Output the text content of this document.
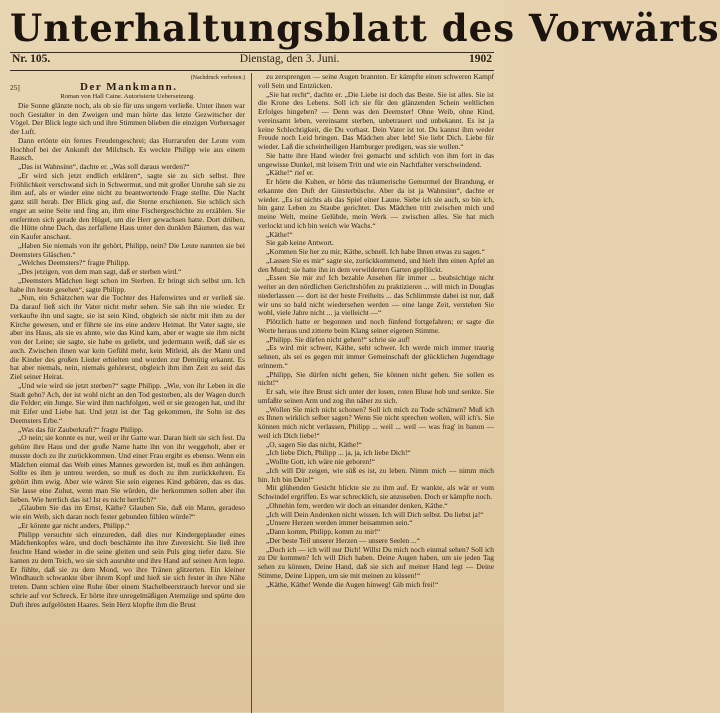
Unterhaltungsblatt des Vorwärts
Nr. 105.	Dienstag, den 3. Juni.	1902
(Nachdruck verboten.)
25]	Der Mankmann.
Roman von Hall Caine. Autorisierte Uebersetzung.

Die Sonne glänzte noch, als ob sie für uns ungern verließe. Unter ihnen war noch Gestalter in den Zweigen und man hörte das letzte Gezwitscher der Vögel. Der Blick legte sich und ihre Stimmen blieben die einzigen Vorhersager der Luft.

Dann ertönte ein fernes Freudengeschrei; das Hurrarufen der Leute vom Hochhof bei der Ankunft der Milchsch. Es weckte Philipp wie aus einem Rausch.

„Das ist Wahnsinn“, dachte er. „Was soll daraus werden?“

„Er wird sich jetzt endlich erklären“, sagte sie zu sich selbst. Ihre Fröhlichkeit verschwand sich in Schwermut, und mit großer Unruhe sah sie zu ihm auf, als er wieder eine nicht zu beantwortende Frage stellte. Die Nacht ganz still herab. Der Blick ging auf, die Sterne erschienen. Sie schlich sich enger an seine Seite und fing an, ihm eine Fischergeschichte zu erzählen. Sie entfernten sich gerade den Hügel, um die Herr gewachsen hatte. Dort drüben, die Hütte ohne Dach, das zerfallene Haus unter den dunklen Bäumen, das war ein Kaufer anschaut.

„Haben Sie niemals von ihr gehört, Philipp, nein? Die Leute nannten sie bei Deemsters Gläschen.“

„Welches Deemsters?“ fragte Philipp.

„Des jetzigen, von dem man sagt, daß er sterben wird.“

„Deemsters Mädchen liegt schon im Sterben. Er bringt sich selbst um. Ich habe ihn heute gesehen“, sagte Philipp.

„Nun, ein Schätzchen war die Tochter des Hafenwirtes und er verließ sie. Da darauf ließ sich ihr Vater nicht mehr sehen. Sie sah ihn nie wieder. Er verkaufte ihn und sagte, sie ist sein Kind, obgleich sie nicht mit ihm zu der Kirche gewesen, und er führte sie ins eine andere Heimat. Ihr Vater sagte, sie aber ins Haus, als sie es ahnte, wie das Kind kam, aber er wagte sie ihm nicht von der Leine; sie sagte, sie habe es geliebt, und jedermann weiß, daß sie es auch. Zwischen ihnen war kein Gefühl mehr, kein Mitleid, als der Mann und die Kinder des großen Lieder erhielten und wurden zur Demütig erkannt. Es hat aber niemals, nein, niemals gehörerst, obgleich ihm ihm Zeit zu seid das Ziel seiner Heirat.

„Und wie wird sie jetzt sterben?“ sagte Philipp. „Wie, von ihr Leben in die Stadt gehn? Ach, der ist wohl nicht an den Tod gestorben, als der Wagen durch die Felder; ein Junge. Sie wird ihm nachfolgen, weil er sie gezogen hat, und ihr mit Eifer und Liebe hat. Und jetzt ist der Tag gekommen, ihr Sohn ist des Deemsters Erbe.“

„Was das für Zauberkraft?“ fragte Philipp.

„O nein; sie konnte es nur, weil er ihr Gatte war. Daran hielt sie sich fest. Da gehöre ihre Haus und der große Name hatte ihn von ihr weggeholt, aber er musste doch zu ihr zurückkommen. Und einer Frau ergibt es ebenso. Wenn ein Mädchen einmal das Weib eines Mannes geworden ist, muß es ihm anhängen. Sollte es ihm je untreu werden, so muß es doch zu ihm zurückkehren. Es gehört ihm ewig. Aber wie wären Sie sein eigenes Kind gebären, das es das. Sie lasse eine Zuhut, wenn man Sie würden, die herkommen sollen aber ihn lieben. Wie herrlich das ist! Ist es nicht herrlich?“

„Glauben Sie das im Ernst, Käthe? Glauben Sie, daß ein Mann, geradeso wie ein Weib, sich daran noch fester gebunden fühlen würde?“

„Er könnte gar nicht anders, Philipp.“

Philipp versuchte sich einzureden, daß dies nur Kindergeplauder eines Mädchenkopfes wäre, und doch beschämte ihn ihre Zuversicht. Sie ließ ihre feuchte Hand wieder in die seine gleiten und sein Puls ging tiefer dazu. Sie kamen zu dem Teich, wo sie sich ausruhte und ihre Hand auf seinen Arm legte. Er fühlte, daß sie zu dem Mond, wo ihre Tränen glitzerten. Ein kleiner Windhauch schwankte über ihrem Kopf und hieß sie sich fester in ihre Nähe treten. Dann schien eine Ruhe über einem Stachelbeerstrauch hervor und sie schrie auf vor Schreck. Er hörte ihre unregelmäßigen Atemzüge und spürte den Duft ihres aufgelösten Haares. Sein Herz klopfte ihm die Brust

zu zersprengen — seine Augen brannten. Er kämpfte einen schweren Kampf voll Sein und Entzücken.

„Sie hat recht“, dachte er. „Die Liebe ist doch das Beste. Sie ist alles. Sie ist die Krone des Lebens. Soll ich sie für den glänzenden Schein weltlichen Erfolges hingeben? — Denn was den Deemster! Ohne Weib, ohne Kind, vereinsamt leben, vereinsamt sterben, unbetrauert und unbekannt. Es ist ja keine Schlechtigkeit, die Du vorhast. Dein Vater ist tot. Du kannst ihm weder Freude noch Leid bringen. Das Mädchen aber lebt! Sie liebt Dich. Liebe für wieder. Laß die scheinheiligen Hamburger predigen, was sie wollen.“

Sie hatte ihre Hand wieder frei gemacht und schlich von ihm fort in das ungewisse Dunkel, mit leisem Tritt und wie ein Nachtfalter verschwindend.

„Käthe!“ rief er.

Er hörte die Kuhen, er hörte das träumerische Gemurmel der Brandung, er erkannte den Duft der Ginsterbüsche. Aber da ist ja Wahnsinn“, dachte er wieder. „Es ist nichts als das Spiel einer Laune. Siebe ich sie auch, so bin ich, bin ganz Leben zu Staube gerichtet. Das Mädchen tritt zwischen mich und meine Welt, meine Gelübde, mein Werk — zwischen alles. Sie hat mich verlockt und ich bin weich wie Wachs.“

„Käthe!“

Sie gab keine Antwort.

„Kommen Sie her zu mir, Käthe, schnell. Ich habe Ihnen etwas zu sagen.“

„Lassen Sie es mir“ sagte sie, zurückkommend, und hielt ihm einen Apfel an den Mund; sie hatte ihn in dem verwilderten Garten gepflückt.

„Essen Sie mir zu! Ich bezahle Ansehen für immer ... beabsichtige nicht weiter an den nördlichen Gerichtshöfen zu praktizieren ... will mich in Douglas niederlassen — dort ist der beste Freiheits ... das Schlimmste dabei ist nur, daß wir uns so bald nicht wiedersehen werden — eine lange Zeit, verstehen Sie wohl, viele Jahre nicht ... ja vielleicht —“

Plötzlich hatte er begonnen und noch fünfend fortgefahren; er sagte die Worte heraus und zitterte beim Klang seiner eigenen Stimme.

„Philipp. Sie dürfen nicht gehen!“ schrie sie auf!

„Es wird mir schwer, Käthe, sehr schwer. Ich werde mich immer traurig sehnen, als sei es gegen mit immer Gemeinschaft der glücklichen Jugendtage erinnern.“

„Philipp, Sie dürfen nicht gehen, Sie können nicht gehen. Sie sollen es nicht!“

Er sah, wie ihre Brust sich unter der losen, roten Bluse hob und senkte. Sie umfaßte seinen Arm und zog ihn näher zu sich.

„Wollen Sie mich nicht schonen? Soll ich mich zu Tode schämen? Muß ich es Ihnen wirklich selber sagen? Wenn Sie nicht sprechen wollen, will ich's. Sie können mich nicht verlassen, Philipp ... weil ... weil — was frag' in banon — weil ich Dich liebe!“

„O, sagen Sie das nicht, Käthe!“

„Ich liebe Dich, Philipp ... ja, ja, ich liebe Dich!“

„Wollte Gott, ich wäre nie geboren!“

„Ich will Dir zeigen, wie süß es ist, zu leben. Nimm mich — nimm mich hin. Ich bin Dein!“

Mit glühenden Gesicht blickte sie zu ihm auf. Er wankte, als wär er vom Schwindel ergriffen. Es war schrecklich, sie anzusehen. Doch er kämpfte noch.

„Ohnehin fern, werden wir doch an einander denken, Käthe.“

„Ich will Dein Andenken nicht wissen. Ich will Dich selbst. Du liebst ja!“

„Unsere Herzen werden immer beisammen sein.“

„Dann komm, Philipp, komm zu mir!“

„Der beste Teil unserer Herzen — unsere Seelen ...“

„Doch ich — ich will nur Dich! Willst Du mich noch einmal sehen? Soll ich zu Dir kommen? Ich will Dich haben. Deine Augen haben, um sie jeden Tag sehen zu können, Deine Hand, daß sie sich auf meiner Hand legt — Deine Stimme, Deine Lippen, um sie mit meinen zu küssen!“

„Käthe, Käthe! Wende die Augen hinweg! Gib mich frei!“
